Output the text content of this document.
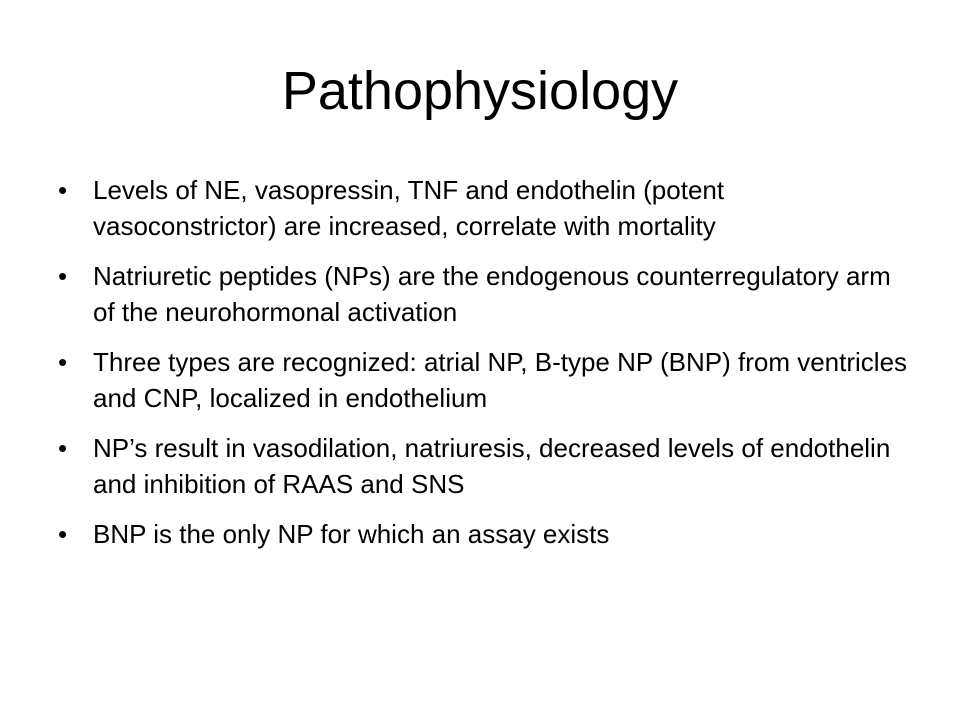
Pathophysiology
• Levels of NE, vasopressin, TNF and endothelin (potent vasoconstrictor) are increased, correlate with mortality
• Natriuretic peptides (NPs) are the endogenous counterregulatory arm of the neurohormonal activation
• Three types are recognized: atrial NP, B-type NP (BNP) from ventricles and CNP, localized in endothelium
• NP’s result in vasodilation, natriuresis, decreased levels of endothelin and inhibition of RAAS and SNS
• BNP is the only NP for which an assay exists
